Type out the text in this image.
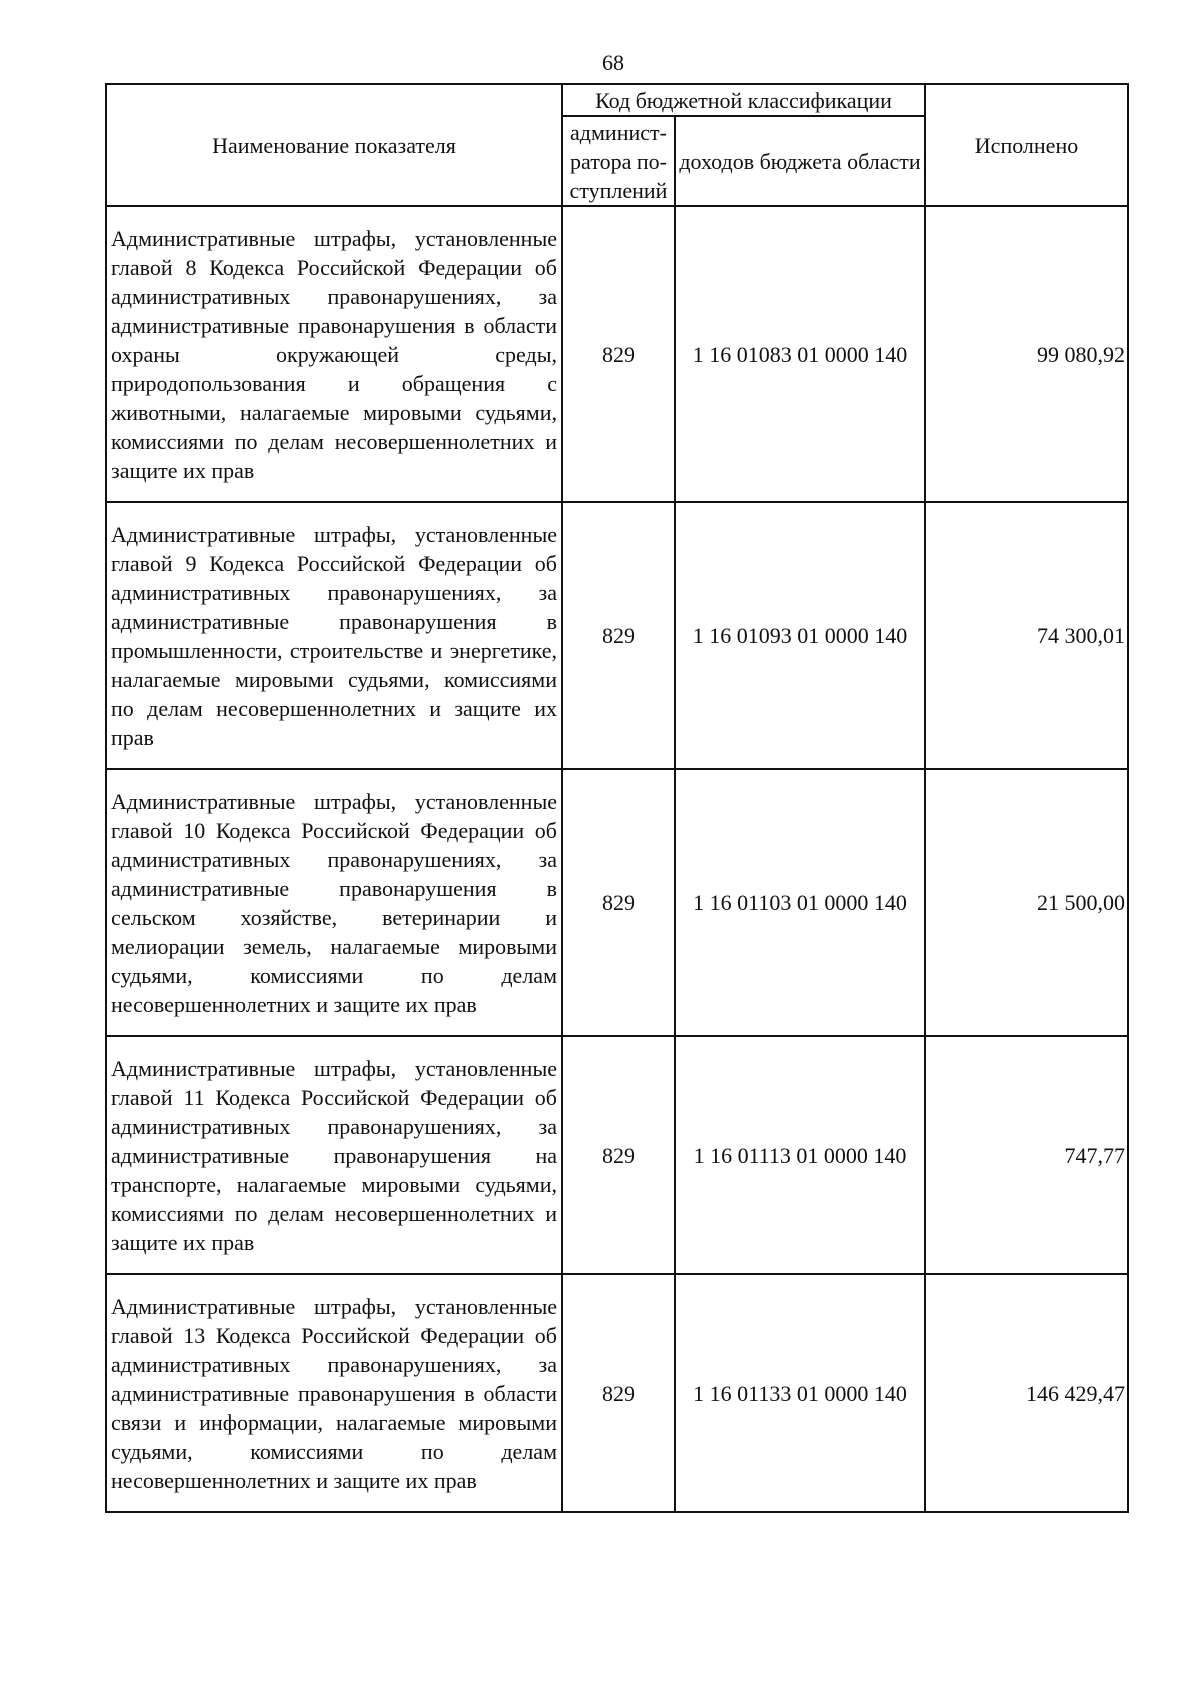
68
Наименование показателя	Код бюджетной классификации		Исполнено
	админист-ратора по-ступлений	доходов бюджета области	
Административные штрафы, установленные главой 8 Кодекса Российской Федерации об административных правонарушениях, за административные правонарушения в области охраны окружающей среды, природопользования и обращения с животными, налагаемые мировыми судьями, комиссиями по делам несовершеннолетних и защите их прав	829	1 16 01083 01 0000 140	99 080,92
Административные штрафы, установленные главой 9 Кодекса Российской Федерации об административных правонарушениях, за административные правонарушения в промышленности, строительстве и энергетике, налагаемые мировыми судьями, комиссиями по делам несовершеннолетних и защите их прав	829	1 16 01093 01 0000 140	74 300,01
Административные штрафы, установленные главой 10 Кодекса Российской Федерации об административных правонарушениях, за административные правонарушения в сельском хозяйстве, ветеринарии и мелиорации земель, налагаемые мировыми судьями, комиссиями по делам несовершеннолетних и защите их прав	829	1 16 01103 01 0000 140	21 500,00
Административные штрафы, установленные главой 11 Кодекса Российской Федерации об административных правонарушениях, за административные правонарушения на транспорте, налагаемые мировыми судьями, комиссиями по делам несовершеннолетних и защите их прав	829	1 16 01113 01 0000 140	747,77
Административные штрафы, установленные главой 13 Кодекса Российской Федерации об административных правонарушениях, за административные правонарушения в области связи и информации, налагаемые мировыми судьями, комиссиями по делам несовершеннолетних и защите их прав	829	1 16 01133 01 0000 140	146 429,47
